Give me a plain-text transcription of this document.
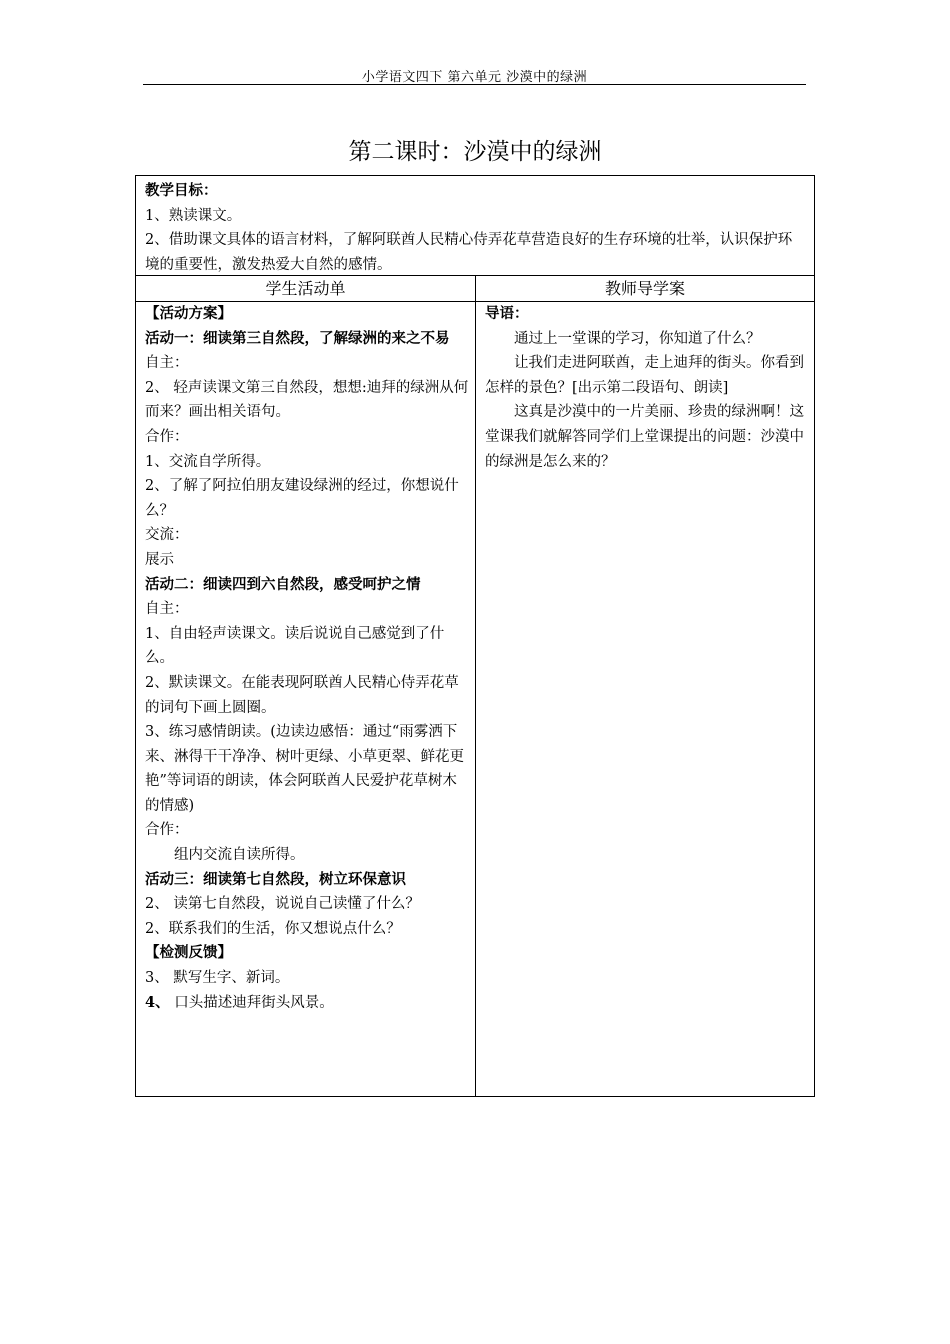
小学语文四下 第六单元 沙漠中的绿洲
第二课时：沙漠中的绿洲

教学目标：

1、熟读课文。

2、借助课文具体的语言材料，了解阿联酋人民精心侍弄花草营造良好的生存环境的壮举，认识保护环境的重要性，激发热爱大自然的感情。

学生活动单	教师导学案

【活动方案】

活动一：细读第三自然段，了解绿洲的来之不易

自主：

2、 轻声读课文第三自然段，想想:迪拜的绿洲从何而来？画出相关语句。

合作：

1、交流自学所得。

2、了解了阿拉伯朋友建设绿洲的经过，你想说什么？

交流：

展示

活动二：细读四到六自然段，感受呵护之情

自主：

1、自由轻声读课文。读后说说自己感觉到了什么。

2、默读课文。在能表现阿联酋人民精心侍弄花草的词句下画上圆圈。

3、练习感情朗读。(边读边感悟：通过“雨雾洒下来、淋得干干净净、树叶更绿、小草更翠、鲜花更艳”等词语的朗读，体会阿联酋人民爱护花草树木的情感)

合作：

组内交流自读所得。

活动三：细读第七自然段，树立环保意识

2、 读第七自然段，说说自己读懂了什么？

2、联系我们的生活，你又想说点什么？

【检测反馈】

3、 默写生字、新词。

4、 口头描述迪拜街头风景。

导语：

通过上一堂课的学习，你知道了什么？

让我们走进阿联酋，走上迪拜的街头。你看到怎样的景色？[出示第二段语句、朗读]

这真是沙漠中的一片美丽、珍贵的绿洲啊！这堂课我们就解答同学们上堂课提出的问题：沙漠中的绿洲是怎么来的？
